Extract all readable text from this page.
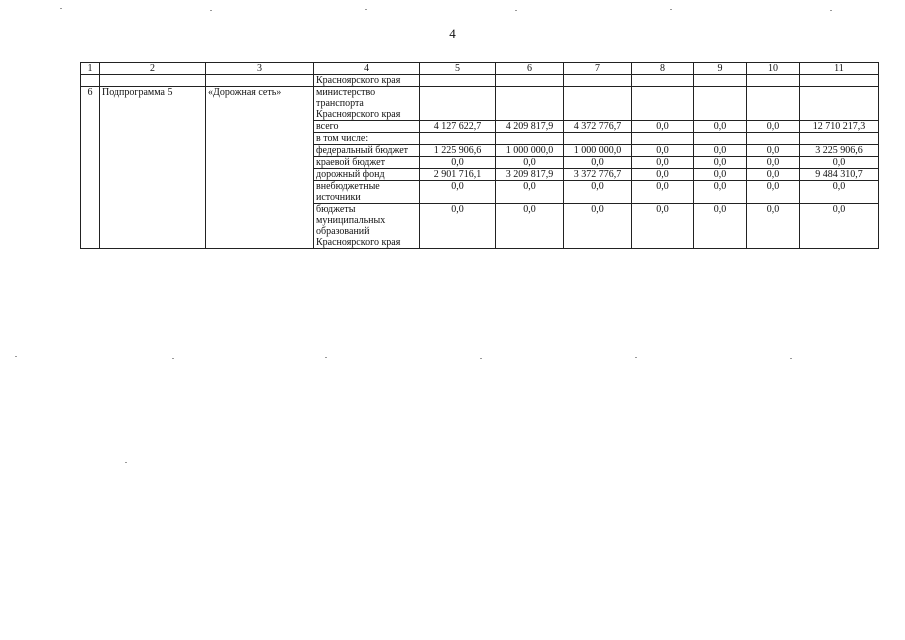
4
1	2	3	4	5	6	7	8	9	10	11
			Красноярского края							
6	Подпрограмма 5	«Дорожная сеть»	министерство транспорта Красноярского края							
			всего	4 127 622,7	4 209 817,9	4 372 776,7	0,0	0,0	0,0	12 710 217,3
			в том числе:							
			федеральный бюджет	1 225 906,6	1 000 000,0	1 000 000,0	0,0	0,0	0,0	3 225 906,6
			краевой бюджет	0,0	0,0	0,0	0,0	0,0	0,0	0,0
			дорожный фонд	2 901 716,1	3 209 817,9	3 372 776,7	0,0	0,0	0,0	9 484 310,7
			внебюджетные источники	0,0	0,0	0,0	0,0	0,0	0,0	0,0
			бюджеты муниципальных образований Красноярского края	0,0	0,0	0,0	0,0	0,0	0,0	0,0
